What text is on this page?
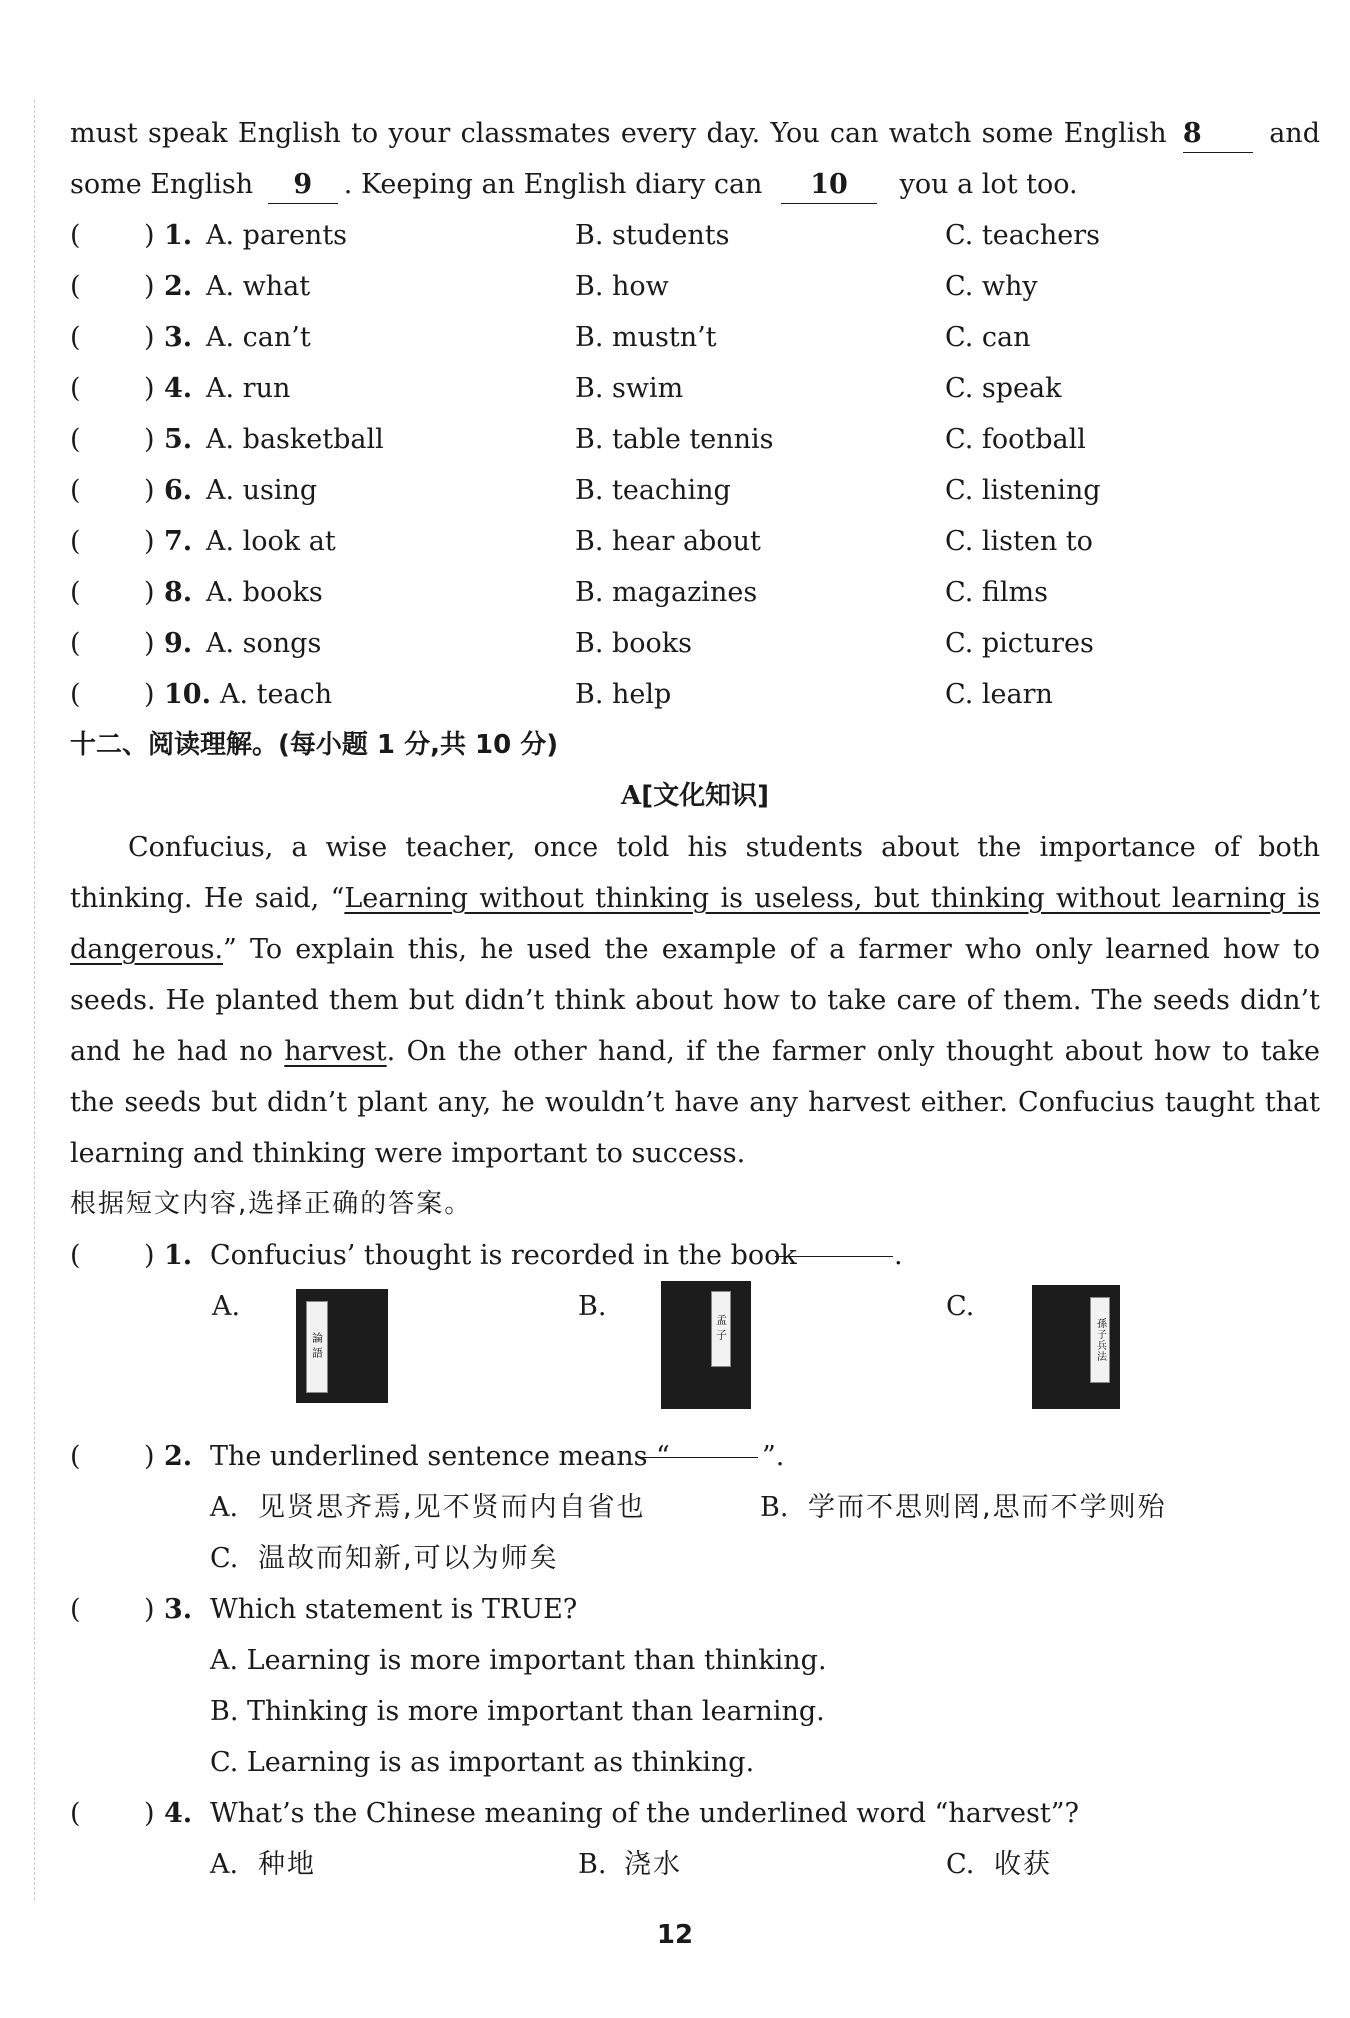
must speak English to your classmates every day. You can watch some English 8	and
some English 9 . Keeping an English diary can 10 you a lot too.
( ) 1. A. parents	B. students	C. teachers
( ) 2. A. what	B. how	C. why
( ) 3. A. can’t	B. mustn’t	C. can
( ) 4. A. run	B. swim	C. speak
( ) 5. A. basketball	B. table tennis	C. football
( ) 6. A. using	B. teaching	C. listening
( ) 7. A. look at	B. hear about	C. listen to
( ) 8. A. books	B. magazines	C. films
( ) 9. A. songs	B. books	C. pictures
( ) 10. A. teach	B. help	C. learn
十二、阅读理解。(每小题 1 分,共 10 分)
A[文化知识]
Confucius, a wise teacher, once told his students about the importance of both
thinking. He said, “Learning without thinking is useless, but thinking without learning is
dangerous.” To explain this, he used the example of a farmer who only learned how to
seeds. He planted them but didn’t think about how to take care of them. The seeds didn’t
and he had no harvest. On the other hand, if the farmer only thought about how to take
the seeds but didn’t plant any, he wouldn’t have any harvest either. Confucius taught that
learning and thinking were important to success.
根据短文内容,选择正确的答案。
( ) 1. Confucius’ thought is recorded in the book	.
A.
論語
B.
孟子
C.
孫子兵法
( ) 2. The underlined sentence means “	”.
A. 见贤思齐焉,见不贤而内自省也	B. 学而不思则罔,思而不学则殆
C. 温故而知新,可以为师矣
( ) 3. Which statement is TRUE?
A. Learning is more important than thinking.
B. Thinking is more important than learning.
C. Learning is as important as thinking.
( ) 4. What’s the Chinese meaning of the underlined word “harvest”?
A. 种地	B. 浇水	C. 收获
12
